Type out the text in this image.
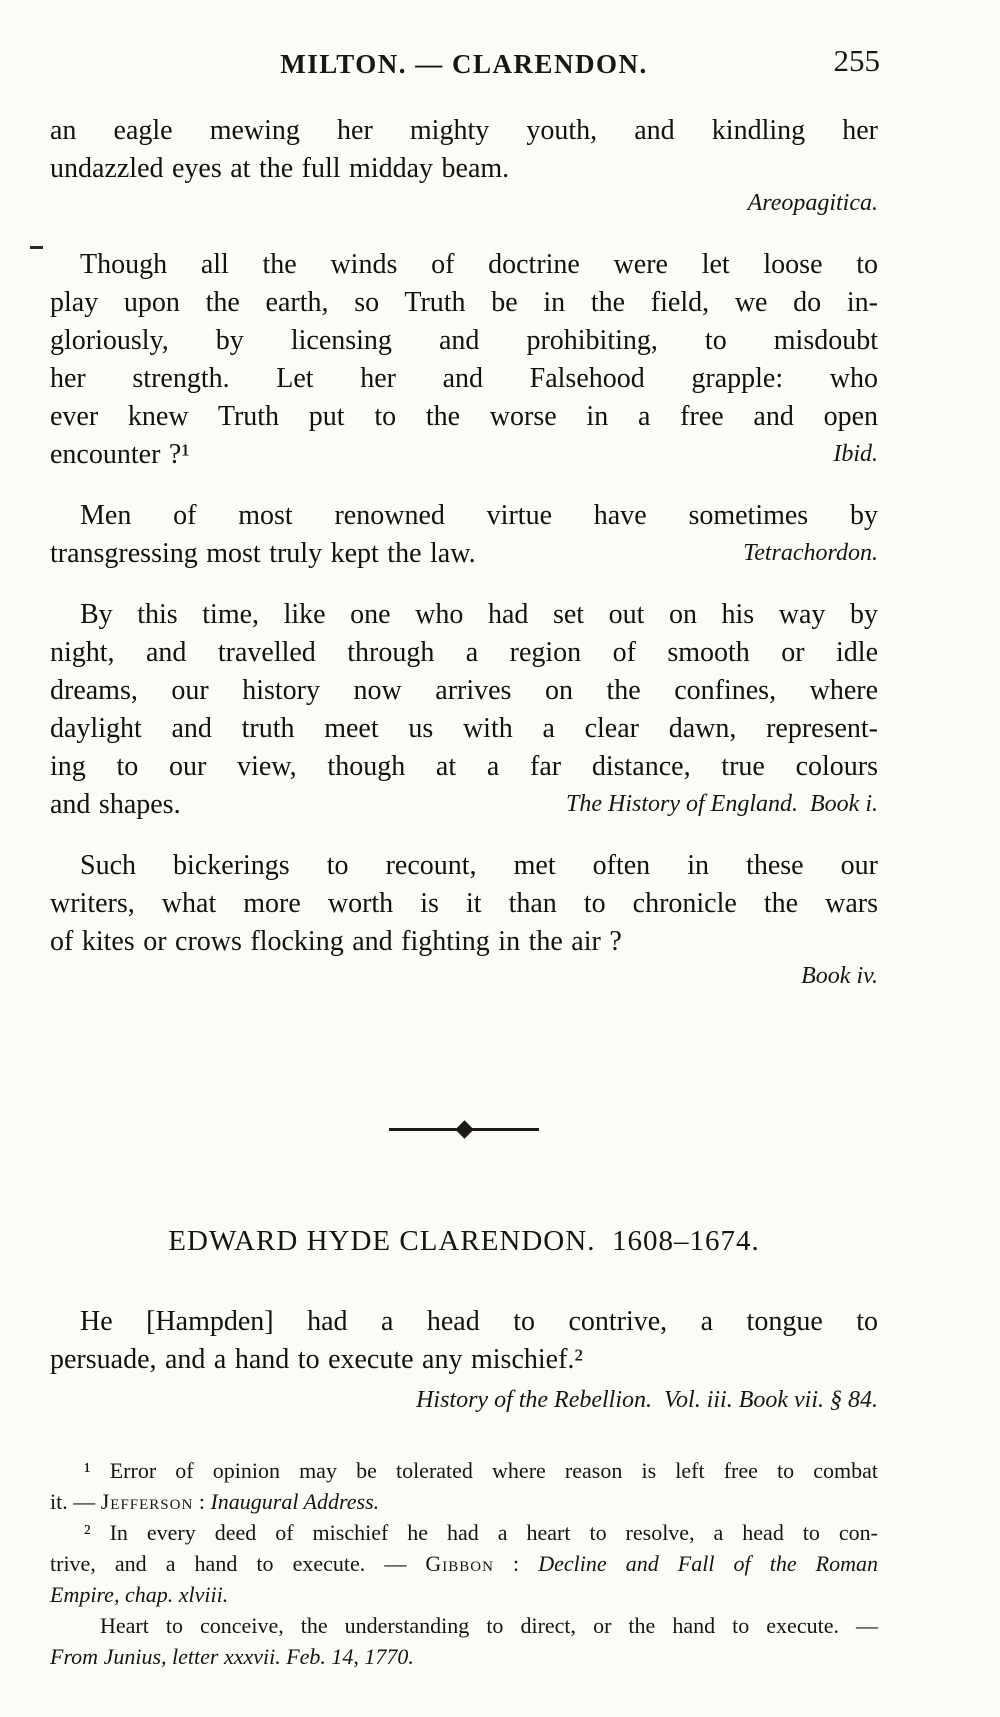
MILTON. — CLARENDON.	255
an eagle mewing her mighty youth, and kindling her
undazzled eyes at the full midday beam.
Areopagitica.
Though all the winds of doctrine were let loose to
play upon the earth, so Truth be in the field, we do in-
gloriously, by licensing and prohibiting, to misdoubt
her strength. Let her and Falsehood grapple: who
ever knew Truth put to the worse in a free and open
encounter ?¹	Ibid.
Men of most renowned virtue have sometimes by
transgressing most truly kept the law.	Tetrachordon.
By this time, like one who had set out on his way by
night, and travelled through a region of smooth or idle
dreams, our history now arrives on the confines, where
daylight and truth meet us with a clear dawn, represent-
ing to our view, though at a far distance, true colours
and shapes.	The History of England.  Book i.
Such bickerings to recount, met often in these our
writers, what more worth is it than to chronicle the wars
of kites or crows flocking and fighting in the air ?
Book iv.
EDWARD HYDE CLARENDON.  1608–1674.
He [Hampden] had a head to contrive, a tongue to
persuade, and a hand to execute any mischief.²
History of the Rebellion.  Vol. iii. Book vii. § 84.
¹ Error of opinion may be tolerated where reason is left free to combat
it. — Jefferson : Inaugural Address.
² In every deed of mischief he had a heart to resolve, a head to con-
trive, and a hand to execute. — Gibbon : Decline and Fall of the Roman
Empire, chap. xlviii.
Heart to conceive, the understanding to direct, or the hand to execute. —
From Junius, letter xxxvii. Feb. 14, 1770.
